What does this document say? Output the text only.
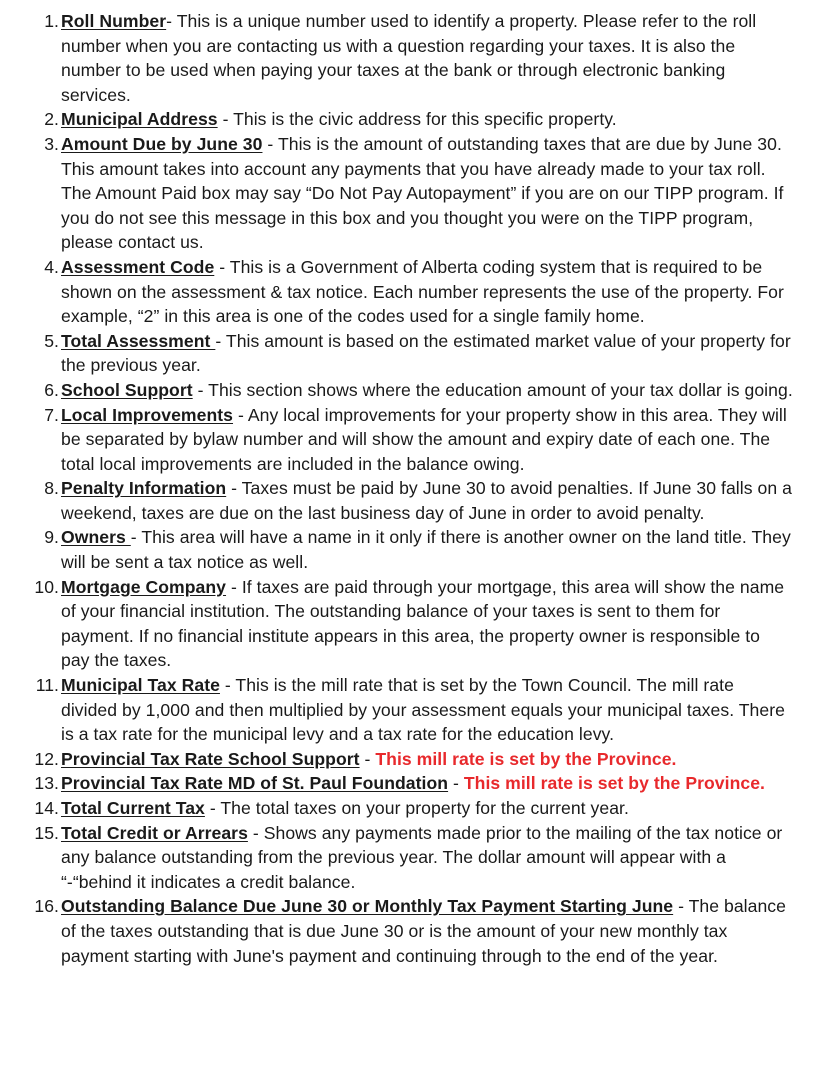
1. Roll Number- This is a unique number used to identify a property. Please refer to the roll number when you are contacting us with a question regarding your taxes. It is also the number to be used when paying your taxes at the bank or through electronic banking services.
2. Municipal Address - This is the civic address for this specific property.
3. Amount Due by June 30 - This is the amount of outstanding taxes that are due by June 30. This amount takes into account any payments that you have already made to your tax roll. The Amount Paid box may say “Do Not Pay Autopayment” if you are on our TIPP program. If you do not see this message in this box and you thought you were on the TIPP program, please contact us.
4. Assessment Code - This is a Government of Alberta coding system that is required to be shown on the assessment & tax notice. Each number represents the use of the property. For example, “2” in this area is one of the codes used for a single family home.
5. Total Assessment - This amount is based on the estimated market value of your property for the previous year.
6. School Support - This section shows where the education amount of your tax dollar is going.
7. Local Improvements - Any local improvements for your property show in this area. They will be separated by bylaw number and will show the amount and expiry date of each one. The total local improvements are included in the balance owing.
8. Penalty Information - Taxes must be paid by June 30 to avoid penalties. If June 30 falls on a weekend, taxes are due on the last business day of June in order to avoid penalty.
9. Owners - This area will have a name in it only if there is another owner on the land title. They will be sent a tax notice as well.
10. Mortgage Company - If taxes are paid through your mortgage, this area will show the name of your financial institution. The outstanding balance of your taxes is sent to them for payment. If no financial institute appears in this area, the property owner is responsible to pay the taxes.
11. Municipal Tax Rate - This is the mill rate that is set by the Town Council. The mill rate divided by 1,000 and then multiplied by your assessment equals your municipal taxes. There is a tax rate for the municipal levy and a tax rate for the education levy.
12. Provincial Tax Rate School Support - This mill rate is set by the Province.
13. Provincial Tax Rate MD of St. Paul Foundation - This mill rate is set by the Province.
14. Total Current Tax - The total taxes on your property for the current year.
15. Total Credit or Arrears - Shows any payments made prior to the mailing of the tax notice or any balance outstanding from the previous year. The dollar amount will appear with a “-“behind it indicates a credit balance.
16. Outstanding Balance Due June 30 or Monthly Tax Payment Starting June - The balance of the taxes outstanding that is due June 30 or is the amount of your new monthly tax payment starting with June's payment and continuing through to the end of the year.
